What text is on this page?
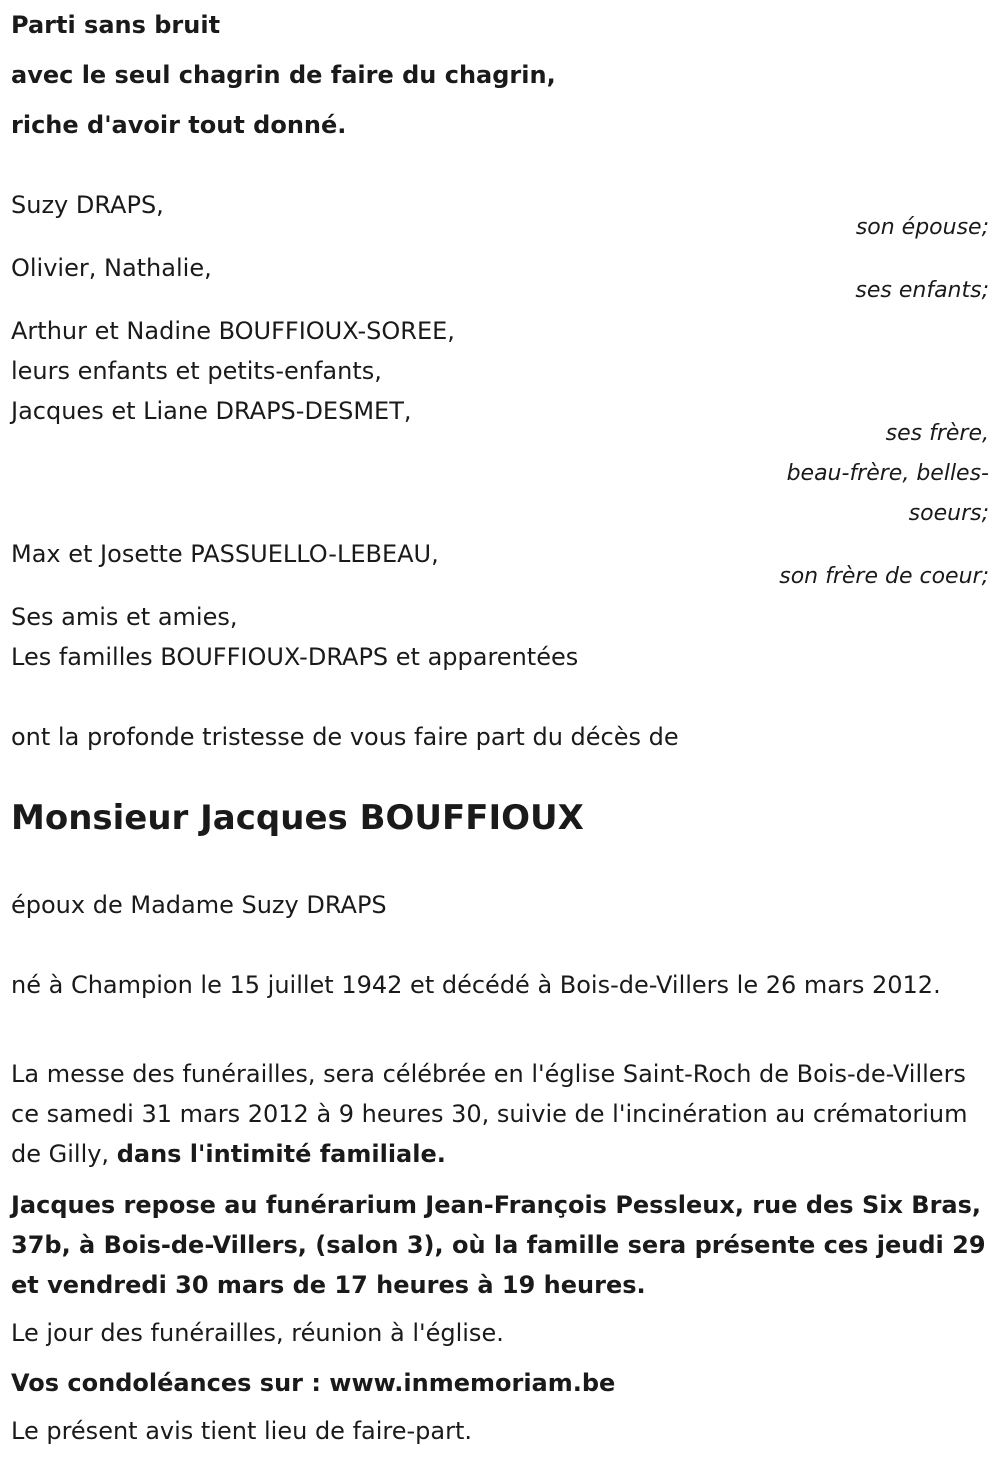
Parti sans bruit

avec le seul chagrin de faire du chagrin,

riche d'avoir tout donné.

Suzy DRAPS,

son épouse;

Olivier, Nathalie,

ses enfants;

Arthur et Nadine BOUFFIOUX-SOREE,

leurs enfants et petits-enfants,

Jacques et Liane DRAPS-DESMET,

ses frère,

beau-frère, belles-

soeurs;

Max et Josette PASSUELLO-LEBEAU,

son frère de coeur;

Ses amis et amies,

Les familles BOUFFIOUX-DRAPS et apparentées

ont la profonde tristesse de vous faire part du décès de

Monsieur Jacques BOUFFIOUX

époux de Madame Suzy DRAPS

né à Champion le 15 juillet 1942 et décédé à Bois-de-Villers le 26 mars 2012.

La messe des funérailles, sera célébrée en l'église Saint-Roch de Bois-de-Villers ce samedi 31 mars 2012 à 9 heures 30, suivie de l'incinération au crématorium de Gilly, dans l'intimité familiale.

Jacques repose au funérarium Jean-François Pessleux, rue des Six Bras, 37b, à Bois-de-Villers, (salon 3), où la famille sera présente ces jeudi 29 et vendredi 30 mars de 17 heures à 19 heures.

Le jour des funérailles, réunion à l'église.

Vos condoléances sur : www.inmemoriam.be

Le présent avis tient lieu de faire-part.
